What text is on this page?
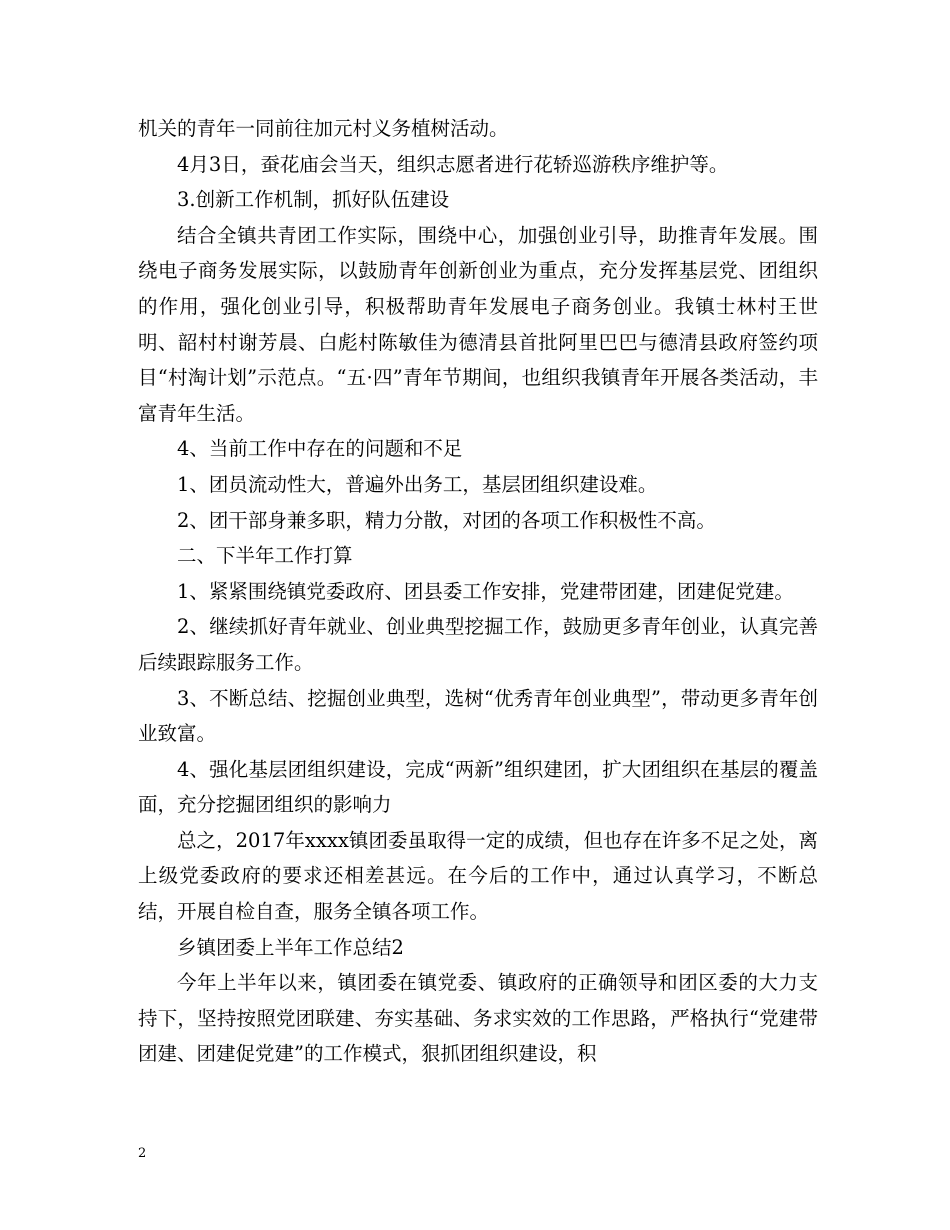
机关的青年一同前往加元村义务植树活动。

4月3日，蚕花庙会当天，组织志愿者进行花轿巡游秩序维护等。

3.创新工作机制，抓好队伍建设

结合全镇共青团工作实际，围绕中心，加强创业引导，助推青年发展。围绕电子商务发展实际，以鼓励青年创新创业为重点，充分发挥基层党、团组织的作用，强化创业引导，积极帮助青年发展电子商务创业。我镇士林村王世明、韶村村谢芳晨、白彪村陈敏佳为德清县首批阿里巴巴与德清县政府签约项目“村淘计划”示范点。“五·四”青年节期间，也组织我镇青年开展各类活动，丰富青年生活。

4、当前工作中存在的问题和不足

1、团员流动性大，普遍外出务工，基层团组织建设难。

2、团干部身兼多职，精力分散，对团的各项工作积极性不高。

二、下半年工作打算

1、紧紧围绕镇党委政府、团县委工作安排，党建带团建，团建促党建。

2、继续抓好青年就业、创业典型挖掘工作，鼓励更多青年创业，认真完善后续跟踪服务工作。

3、不断总结、挖掘创业典型，选树“优秀青年创业典型”，带动更多青年创业致富。

4、强化基层团组织建设，完成“两新”组织建团，扩大团组织在基层的覆盖面，充分挖掘团组织的影响力

总之，2017年xxxx镇团委虽取得一定的成绩，但也存在许多不足之处，离上级党委政府的要求还相差甚远。在今后的工作中，通过认真学习，不断总结，开展自检自查，服务全镇各项工作。

乡镇团委上半年工作总结2

今年上半年以来，镇团委在镇党委、镇政府的正确领导和团区委的大力支持下，坚持按照党团联建、夯实基础、务求实效的工作思路，严格执行“党建带团建、团建促党建”的工作模式，狠抓团组织建设，积

2
